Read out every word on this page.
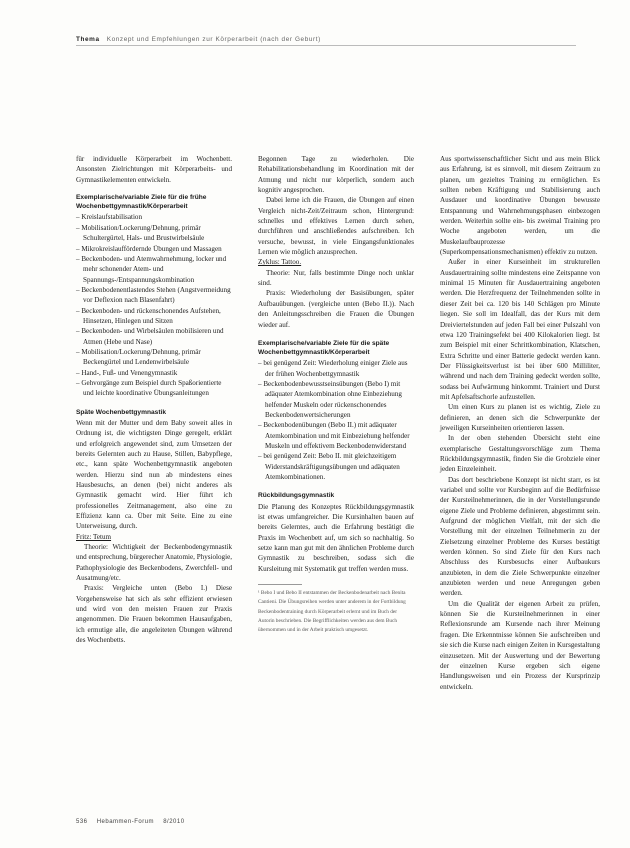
Thema Konzept und Empfehlungen zur Körperarbeit (nach der Geburt)

für individuelle Körperarbeit im Wochenbett. Ansonsten Zielrichtungen mit Körperarbeits- und Gymnastikelementen entwickeln.

Exemplarische/variable Ziele für die frühe Wochenbettgymnastik/Körperarbeit
– Kreislaufstabilisation
– Mobilisation/Lockerung/Dehnung, primär Schultergürtel, Hals- und Brustwirbelsäule
– Mikrokreislauffördernde Übungen und Massagen
– Beckenboden- und Atemwahrnehmung, locker und mehr schonender Atem- und Spannungs-/Entspannungskombination
– Beckenbodenentlastendes Stehen (Angstvermeidung vor Deflexion nach Blasenfahrt)
– Beckenboden- und rückenschonendes Aufstehen, Hinsetzen, Hinlegen und Sitzen
– Beckenboden- und Wirbelsäulen mobilisieren und Atmen (Hebe und Nase)
– Mobilisation/Lockerung/Dehnung, primär Beckengürtel und Lendenwirbelsäule
– Hand-, Fuß- und Venengymnastik
– Gehvorgänge zum Beispiel durch Spaßorientierte und leichte koordinative Übungsanleitungen
Späte Wochenbettgymnastik

Wenn mit der Mutter und dem Baby soweit alles in Ordnung ist, die wichtigsten Dinge geregelt, erklärt und erfolgreich angewendet sind, zum Umsetzen der bereits Gelernten auch zu Hause, Stillen, Babypflege, etc., kann späte Wochenbettgymnastik angeboten werden. Hierzu sind nun ab mindestens eines Hausbesuchs, an denen (bei) nicht anderes als Gymnastik gemacht wird. Hier führt ich professionelles Zeitmanagement, also eine zu Effizienz kann ca. Über mit Seite. Eine zu eine Unterweisung, durch.

Fritz: Tetum

Theorie: Wichtigkeit der Beckenbodengymnastik und entsprechung, bürgerecher Anatomie, Physiologie, Pathophysiologie des Beckenbodens, Zwerchfell- und Ausatmung/etc.

Praxis: Vergleiche unten (Bebo I.) Diese Vorgehensweise hat sich als sehr effizient erwiesen und wird von den meisten Frauen zur Praxis angenommen. Die Frauen bekommen Hausaufgaben, ich ermutige alle, die angeleiteten Übungen während des Wochenbetts.

Begonnen Tage zu wiederholen. Die Rehabilitationsbehandlung im Koordination mit der Atmung und nicht nur körperlich, sondern auch kognitiv angesprochen.

Dabei lerne ich die Frauen, die Übungen auf einen Vergleich nicht-Zeit/Zeitraum schon, Hintergrund: schnelles und effektives Lernen durch sehen, durchführen und anschließendes aufschreiben. Ich versuche, bewusst, in viele Eingangsfunktionales Lernen wie möglich anzusprechen.

Zyklus: Tattoo.

Theorie: Nur, falls bestimmte Dinge noch unklar sind.

Praxis: Wiederholung der Basisübungen, später Aufbauübungen. (vergleiche unten (Bebo II.)). Nach den Anleitungsschreiben die Frauen die Übungen wieder auf.

Exemplarische/variable Ziele für die späte Wochenbettgymnastik/Körperarbeit
– bei genügend Zeit: Wiederholung einiger Ziele aus der frühen Wochenbettgymnastik
– Beckenbodenbewusstseinsübungen (Bebo I) mit adäquater Atemkombination ohne Einbeziehung helfender Muskeln oder rückenschonendes Beckenbodenwertsicherungen
– Beckenbodenübungen (Bebo II.) mit adäquater Atemkombination und mit Einbeziehung helfender Muskeln und effektivem Beckenbodenwiderstand
– bei genügend Zeit: Bebo II. mit gleichzeitigem Widerstandskräftigungsübungen und adäquaten Atemkombinationen.
Rückbildungsgymnastik

Die Planung des Konzeptes Rückbildungsgymnastik ist etwas umfangreicher. Die Kursinhalten bauen auf bereits Gelerntes, auch die Erfahrung bestätigt die Praxis im Wochenbett auf, um sich so nachhaltig. So setze kann man gut mit den ähnlichen Probleme durch Gymnastik zu beschreiben, sodass sich die Kursleitung mit Systematik gut treffen werden muss.

¹ Bebo I und Bebo II entstammen der Beckenbodenarbeit nach Benita Cantieni. Die Übungsreihen werden unter anderem in der Fortbildung Beckenbodentraining durch Körperarbeit erlernt und im Buch der Autorin beschrieben. Die Begrifflichkeiten werden aus dem Buch übernommen und in der Arbeit praktisch umgesetzt.

Aus sportwissenschaftlicher Sicht und aus mein Blick aus Erfahrung, ist es sinnvoll, mit diesem Zeitraum zu planen, um gezieltes Training zu ermöglichen. Es sollten neben Kräftigung und Stabilisierung auch Ausdauer und koordinative Übungen bewusste Entspannung und Wahrnehmungsphasen einbezogen werden. Weiterhin sollte ein- bis zweimal Training pro Woche angeboten werden, um die Muskelaufbauprozesse (Superkompensationsmechanismen) effektiv zu nutzen.

Außer in einer Kurseinheit im strukturellen Ausdauertraining sollte mindestens eine Zeitspanne von minimal 15 Minuten für Ausdauertraining angeboten werden. Die Herzfrequenz der Teilnehmenden sollte in dieser Zeit bei ca. 120 bis 140 Schlägen pro Minute liegen. Sie soll im Idealfall, das der Kurs mit dem Dreiviertelstunden auf jeden Fall bei einer Pulszahl von etwa 120 Trainingsefekt bei 400 Kilokalorien liegt. Ist zum Beispiel mit einer Schrittkombination, Klatschen, Extra Schritte und einer Batterie gedeckt werden kann. Der Flüssigkeitsverlust ist bei über 600 Milliliter, während und nach dem Training gedeckt werden sollte, sodass bei Aufwärmung hinkommt. Trainiert und Durst mit Apfelsaftschorle aufzustellen.

Um einen Kurs zu planen ist es wichtig, Ziele zu definieren, an denen sich die Schwerpunkte der jeweiligen Kurseinheiten orientieren lassen.

In der oben stehenden Übersicht steht eine exemplarische Gestaltungsvorschläge zum Thema Rückbildungsgymnastik, finden Sie die Grobziele einer jeden Einzeleinheit.

Das dort beschriebene Konzept ist nicht starr, es ist variabel und sollte vor Kursbeginn auf die Bedürfnisse der Kursteilnehmerinnen, die in der Vorstellungsrunde eigene Ziele und Probleme definieren, abgestimmt sein. Aufgrund der möglichen Vielfalt, mit der sich die Vorstellung mit der einzelnen Teilnehmerin zu der Zielsetzung einzelner Probleme des Kurses bestätigt werden können. So sind Ziele für den Kurs nach Abschluss des Kursbesuchs einer Aufbaukurs anzubieten, in dem die Ziele Schwerpunkte einzelner anzubieten werden und neue Anregungen geben werden.

Um die Qualität der eigenen Arbeit zu prüfen, können Sie die Kursteilnehmerinnen in einer Reflexionsrunde am Kursende nach ihrer Meinung fragen. Die Erkenntnisse können Sie aufschreiben und sie sich die Kurse nach einigen Zeiten in Kursgestaltung einzusetzen. Mit der Auswertung und der Bewertung der einzelnen Kurse ergeben sich eigene Handlungsweisen und ein Prozess der Kursprinzip entwickeln.

536 Hebammen-Forum 8/2010
